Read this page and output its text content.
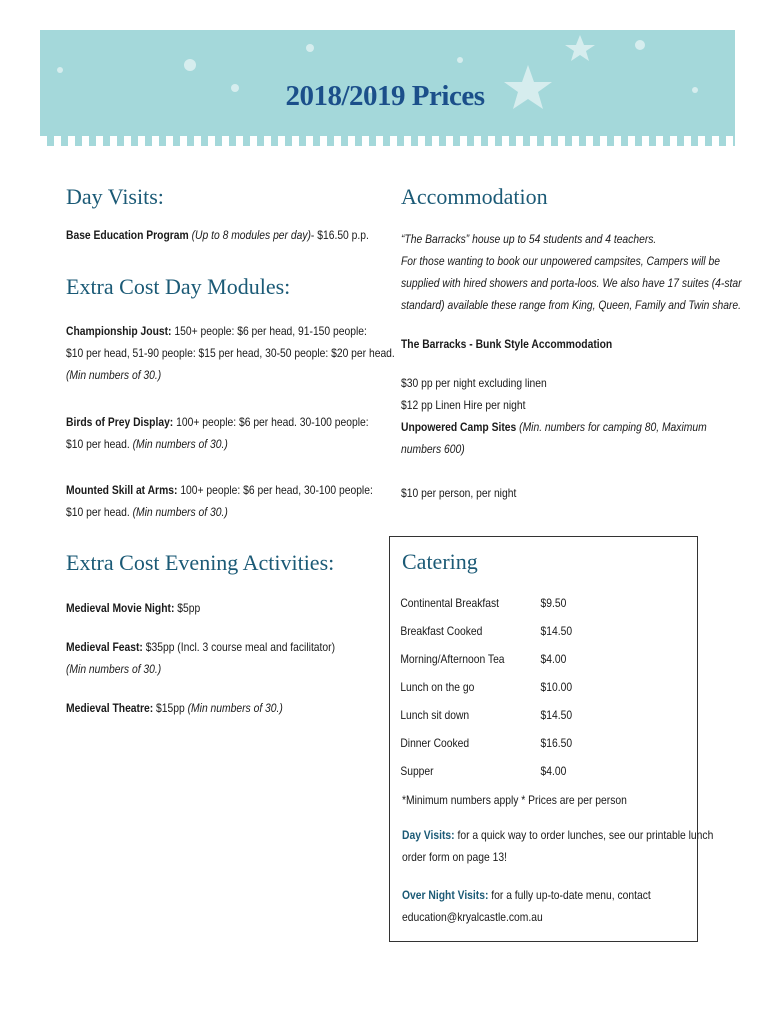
2018/2019 Prices
Day Visits:
Base Education Program (Up to 8 modules per day)- $16.50 p.p.
Extra Cost Day Modules:
Championship Joust: 150+ people: $6 per head, 91-150 people:
$10 per head, 51-90 people: $15 per head, 30-50 people: $20 per head.
(Min numbers of 30.)
Birds of Prey Display: 100+ people: $6 per head. 30-100 people:
$10 per head. (Min numbers of 30.)
Mounted Skill at Arms: 100+ people: $6 per head, 30-100 people:
$10 per head. (Min numbers of 30.)
Extra Cost Evening Activities:
Medieval Movie Night: $5pp
Medieval Feast: $35pp (Incl. 3 course meal and facilitator)
(Min numbers of 30.)
Medieval Theatre: $15pp (Min numbers of 30.)
Accommodation
“The Barracks” house up to 54 students and 4 teachers.
For those wanting to book our unpowered campsites, Campers will be
supplied with hired showers and porta-loos. We also have 17 suites (4-star
standard) available these range from King, Queen, Family and Twin share.
The Barracks - Bunk Style Accommodation
$30 pp per night excluding linen
$12 pp Linen Hire per night
Unpowered Camp Sites (Min. numbers for camping 80, Maximum
numbers 600)
$10 per person, per night
Catering
Continental Breakfast	$9.50
Breakfast Cooked	$14.50
Morning/Afternoon Tea	$4.00
Lunch on the go	$10.00
Lunch sit down	$14.50
Dinner Cooked	$16.50
Supper	$4.00
*Minimum numbers apply * Prices are per person
Day Visits: for a quick way to order lunches, see our printable lunch
order form on page 13!
Over Night Visits: for a fully up-to-date menu, contact
education@kryalcastle.com.au
